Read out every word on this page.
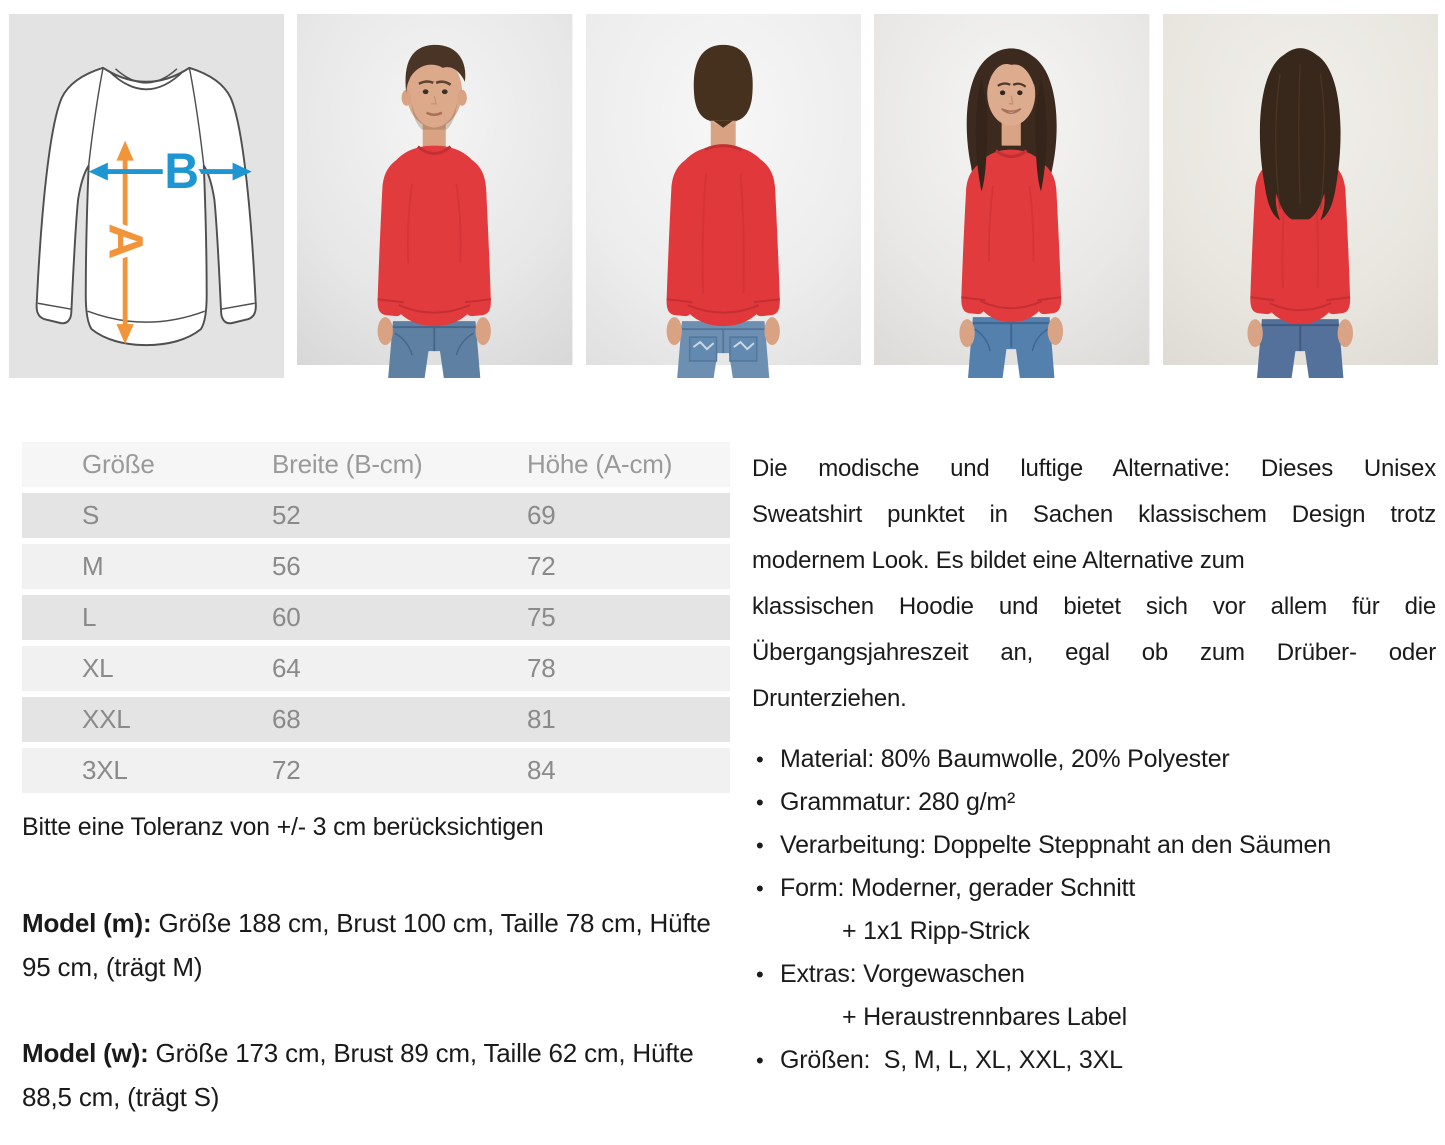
A
B
Größe	Breite (B-cm)	Höhe (A-cm)
S	52	69
M	56	72
L	60	75
XL	64	78
XXL	68	81
3XL	72	84
Bitte eine Toleranz von +/- 3 cm berücksichtigen
Model (m): Größe 188 cm, Brust 100 cm, Taille 78 cm, Hüfte 95 cm, (trägt M)
Model (w): Größe 173 cm, Brust 89 cm, Taille 62 cm, Hüfte 88,5 cm, (trägt S)
Die modische und luftige Alternative: Dieses Unisex
Sweatshirt punktet in Sachen klassischem Design trotz
modernem Look. Es bildet eine Alternative zum
klassischen Hoodie und bietet sich vor allem für die
Übergangsjahreszeit an, egal ob zum Drüber- oder
Drunterziehen.
• Material: 80% Baumwolle, 20% Polyester
• Grammatur: 280 g/m²
• Verarbeitung: Doppelte Steppnaht an den Säumen
• Form: Moderner, gerader Schnitt
+ 1x1 Ripp-Strick
• Extras: Vorgewaschen
+ Heraustrennbares Label
• Größen:  S, M, L, XL, XXL, 3XL
